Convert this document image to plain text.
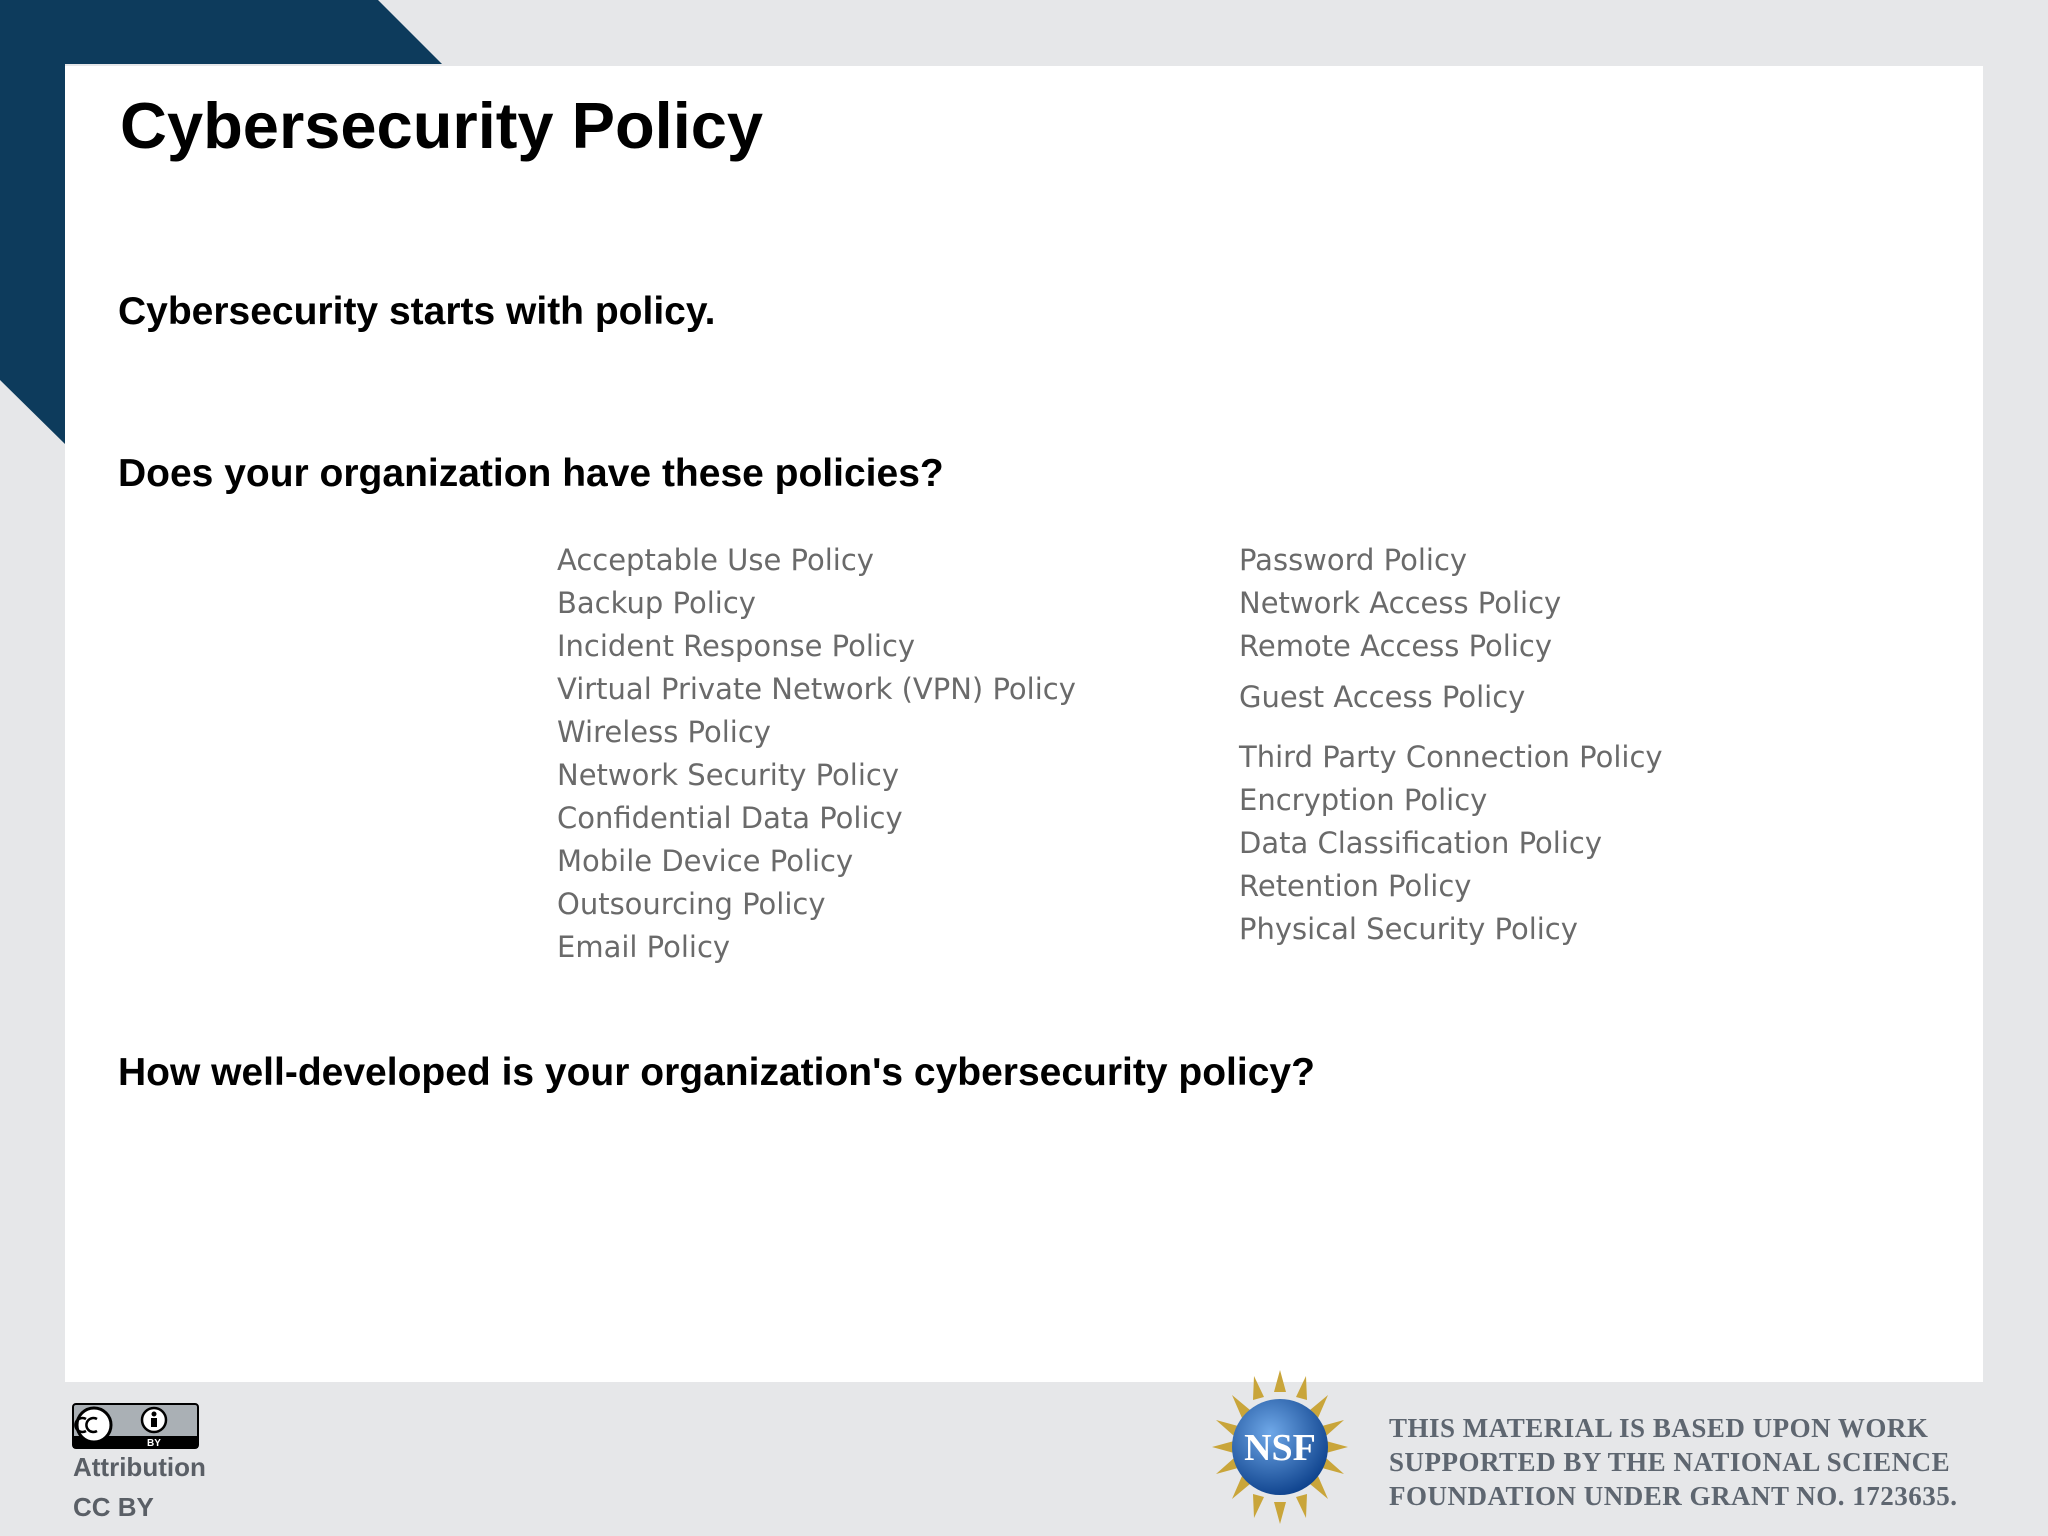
Cybersecurity Policy

Cybersecurity starts with policy.

Does your organization have these policies?

Acceptable Use Policy
Backup Policy
Incident Response Policy
Virtual Private Network (VPN) Policy
Wireless Policy
Network Security Policy
Confidential Data Policy
Mobile Device Policy
Outsourcing Policy
Email Policy
Password Policy
Network Access Policy
Remote Access Policy
Guest Access Policy
Third Party Connection Policy
Encryption Policy
Data Classification Policy
Retention Policy
Physical Security Policy

How well-developed is your organization's cybersecurity policy?

BY
Attribution
CC BY
NSF	THIS MATERIAL IS BASED UPON WORK
SUPPORTED BY THE NATIONAL SCIENCE
FOUNDATION UNDER GRANT NO. 1723635.
